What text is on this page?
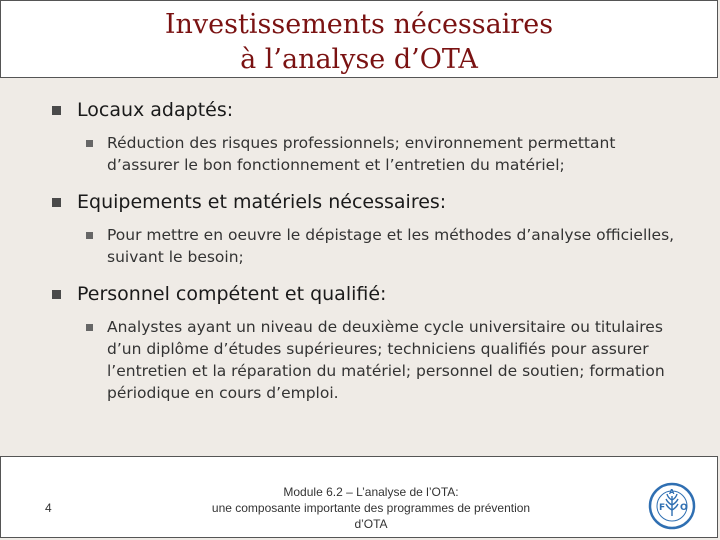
Investissements nécessaires
à l’analyse d’OTA
Locaux adaptés:
Réduction des risques professionnels; environnement permettant d’assurer le bon fonctionnement et l’entretien du matériel;
Equipements et matériels nécessaires:
Pour mettre en oeuvre le dépistage et les méthodes d’analyse officielles, suivant le besoin;
Personnel compétent et qualifié:
Analystes ayant un niveau de deuxième cycle universitaire ou titulaires d’un diplôme d’études supérieures; techniciens qualifiés pour assurer l’entretien et la réparation du matériel; personnel de soutien; formation périodique en cours d’emploi.
4
Module 6.2 – L’analyse de l’OTA:
une composante importante des programmes de prévention
d’OTA
F O
A
